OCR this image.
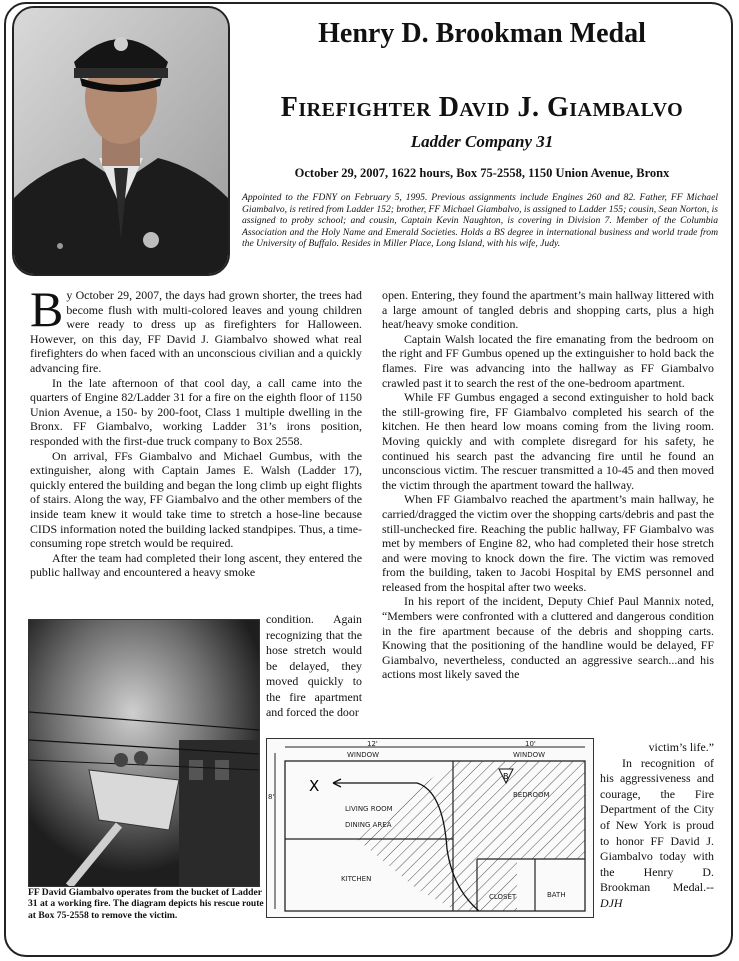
Henry D. Brookman Medal
Firefighter David J. Giambalvo
Ladder Company 31
October 29, 2007, 1622 hours, Box 75-2558, 1150 Union Avenue, Bronx
Appointed to the FDNY on February 5, 1995. Previous assignments include Engines 260 and 82. Father, FF Michael Giambalvo, is retired from Ladder 152; brother, FF Michael Giambalvo, is assigned to Ladder 155; cousin, Sean Norton, is assigned to proby school; and cousin, Captain Kevin Naughton, is covering in Division 7. Member of the Columbia Association and the Holy Name and Emerald Societies. Holds a BS degree in international business and world trade from the University of Buffalo. Resides in Miller Place, Long Island, with his wife, Judy.

By October 29, 2007, the days had grown shorter, the trees had become flush with multi-colored leaves and young children were ready to dress up as firefighters for Halloween. However, on this day, FF David J. Giambalvo showed what real firefighters do when faced with an unconscious civilian and a quickly advancing fire.

In the late afternoon of that cool day, a call came into the quarters of Engine 82/Ladder 31 for a fire on the eighth floor of 1150 Union Avenue, a 150- by 200-foot, Class 1 multiple dwelling in the Bronx. FF Giambalvo, working Ladder 31’s irons position, responded with the first-due truck company to Box 2558.

On arrival, FFs Giambalvo and Michael Gumbus, with the extinguisher, along with Captain James E. Walsh (Ladder 17), quickly entered the building and began the long climb up eight flights of stairs. Along the way, FF Giambalvo and the other members of the inside team knew it would take time to stretch a hose-line because CIDS information noted the building lacked standpipes. Thus, a time-consuming rope stretch would be required.

After the team had completed their long ascent, they entered the public hallway and encountered a heavy smoke

condition. Again recognizing that the hose stretch would be delayed, they moved quickly to the fire apartment and forced the door

FF David Giambalvo operates from the bucket of Ladder 31 at a working fire. The diagram depicts his rescue route at Box 75-2558 to remove the victim.

open. Entering, they found the apartment’s main hallway littered with a large amount of tangled debris and shopping carts, plus a high heat/heavy smoke condition.

Captain Walsh located the fire emanating from the bedroom on the right and FF Gumbus opened up the extinguisher to hold back the flames. Fire was advancing into the hallway as FF Giambalvo crawled past it to search the rest of the one-bedroom apartment.

While FF Gumbus engaged a second extinguisher to hold back the still-growing fire, FF Giambalvo completed his search of the kitchen. He then heard low moans coming from the living room. Moving quickly and with complete disregard for his safety, he continued his search past the advancing fire until he found an unconscious victim. The rescuer transmitted a 10-45 and then moved the victim through the apartment toward the hallway.

When FF Giambalvo reached the apartment’s main hallway, he carried/dragged the victim over the shopping carts/debris and past the still-unchecked fire. Reaching the public hallway, FF Giambalvo was met by members of Engine 82, who had completed their hose stretch and were moving to knock down the fire. The victim was removed from the building, taken to Jacobi Hospital by EMS personnel and released from the hospital after two weeks.

In his report of the incident, Deputy Chief Paul Mannix noted, “Members were confronted with a cluttered and dangerous condition in the fire apartment because of the debris and shopping carts. Knowing that the positioning of the handline would be delayed, FF Giambalvo, nevertheless, conducted an aggressive search...and his actions most likely saved the

victim’s life.”

In recognition of his aggressiveness and courage, the Fire Department of the City of New York is proud to honor FF David J. Giambalvo today with the Henry D. Brookman Medal.--DJH

12'	10'
8'
WINDOW	WINDOW
X
B
LIVING ROOM
DINING AREA
BEDROOM
KITCHEN
CLOSET	BATH
